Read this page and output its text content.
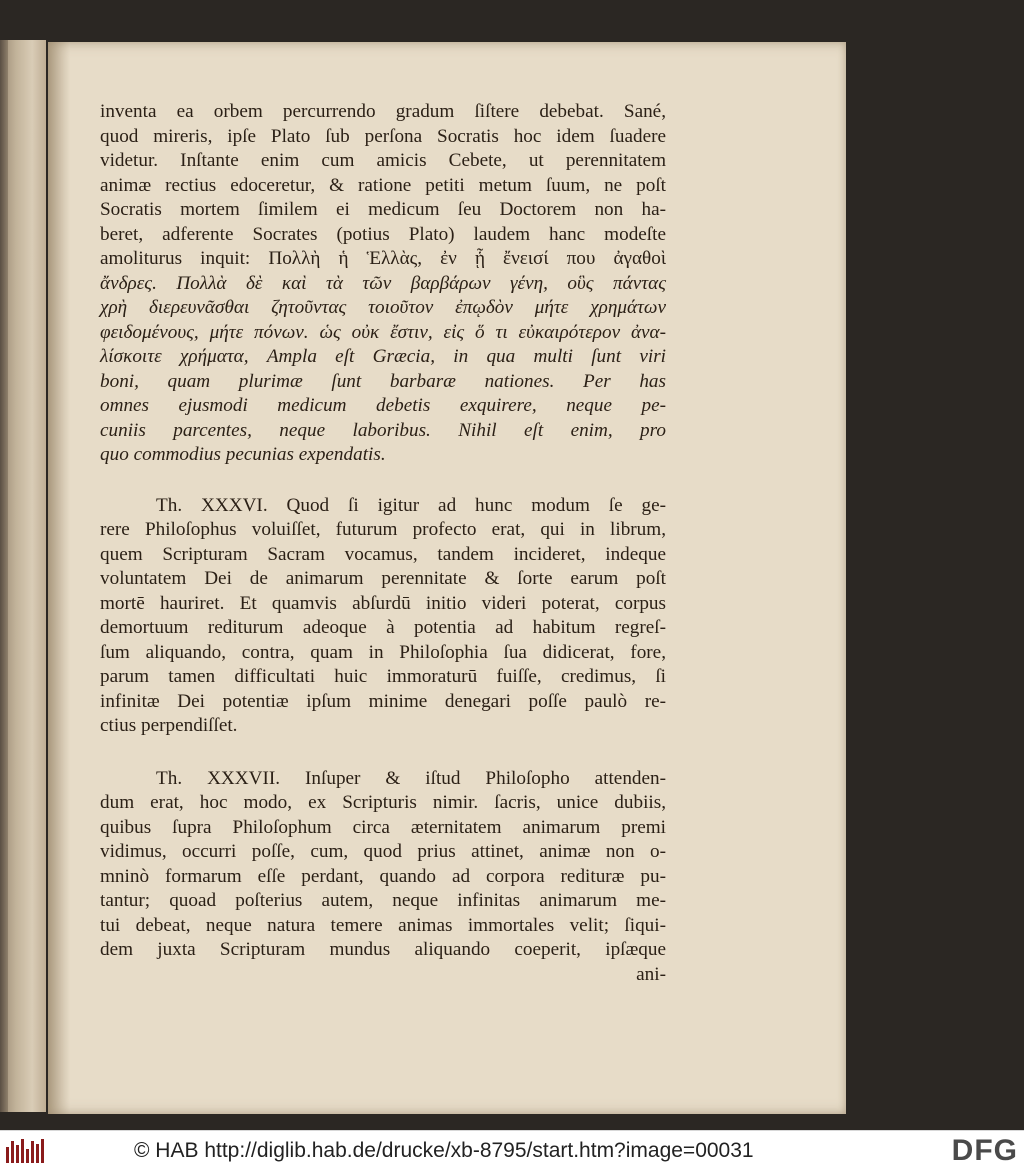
inventa ea orbem percurrendo gradum ſiſtere debebat. Sané,
quod mireris, ipſe Plato ſub perſona Socratis hoc idem ſuadere
videtur. Inſtante enim cum amicis Cebete, ut perennitatem
animæ rectius edoceretur, & ratione petiti metum ſuum, ne poſt
Socratis mortem ſimilem ei medicum ſeu Doctorem non ha-
beret, adferente Socrates (potius Plato) laudem hanc modeſte
amoliturus inquit: Πολλὴ ἡ Ἑλλὰς, ἐν ᾗ ἔνεισί που ἀγαθοὶ
ἄνδρες. Πολλὰ δὲ καὶ τὰ τῶν βαρβάρων γένη, οὓς πάντας
χρὴ διερευνᾶσθαι ζητοῦντας τοιοῦτον ἐπῳδὸν μήτε χρημάτων
φειδομένους, μήτε πόνων. ὡς οὐκ ἔστιν, εἰς ὅ τι εὐκαιρότερον ἀνα-
λίσκοιτε χρήματα, Ampla eſt Græcia, in qua multi ſunt viri
boni, quam plurimæ ſunt barbaræ nationes. Per has
omnes ejusmodi medicum debetis exquirere, neque pe-
cuniis parcentes, neque laboribus. Nihil eſt enim, pro
quo commodius pecunias expendatis.
Th. XXXVI. Quod ſi igitur ad hunc modum ſe ge-
rere Philoſophus voluiſſet, futurum profecto erat, qui in librum,
quem Scripturam Sacram vocamus, tandem incideret, indeque
voluntatem Dei de animarum perennitate & ſorte earum poſt
mortē hauriret. Et quamvis abſurdū initio videri poterat, corpus
demortuum rediturum adeoque à potentia ad habitum regreſ-
ſum aliquando, contra, quam in Philoſophia ſua didicerat, fore,
parum tamen difficultati huic immoraturū fuiſſe, credimus, ſi
infinitæ Dei potentiæ ipſum minime denegari poſſe paulò re-
ctius perpendiſſet.
Th. XXXVII. Inſuper & iſtud Philoſopho attenden-
dum erat, hoc modo, ex Scripturis nimir. ſacris, unice dubiis,
quibus ſupra Philoſophum circa æternitatem animarum premi
vidimus, occurri poſſe, cum, quod prius attinet, animæ non o-
mninò formarum eſſe perdant, quando ad corpora redituræ pu-
tantur; quoad poſterius autem, neque infinitas animarum me-
tui debeat, neque natura temere animas immortales velit; ſiqui-
dem juxta Scripturam mundus aliquando coeperit, ipſæque
ani-
© HAB http://diglib.hab.de/drucke/xb-8795/start.htm?image=00031	DFG
